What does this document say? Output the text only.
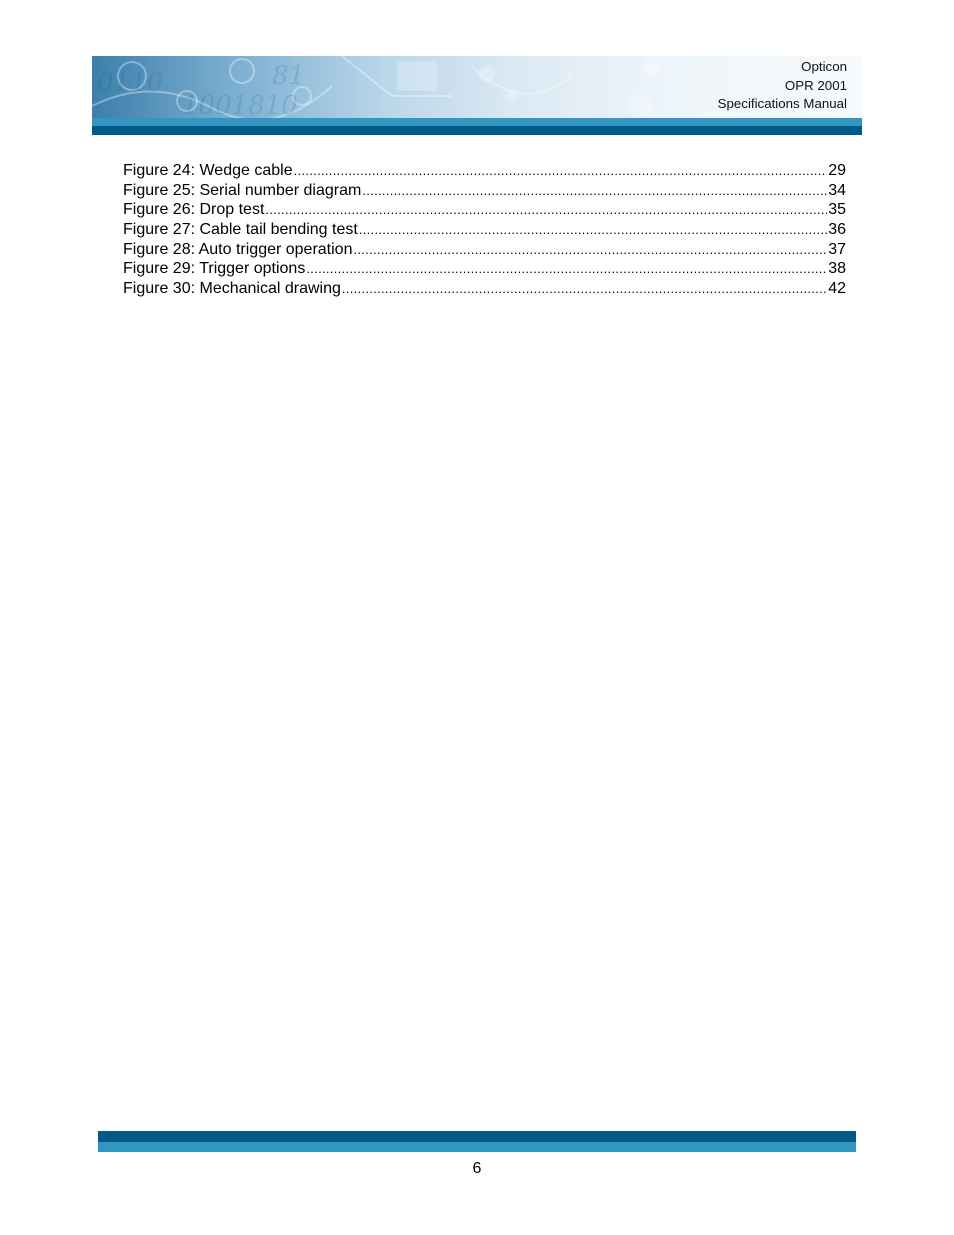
0110
1001810
81	Opticon
OPR 2001
Specifications Manual
Figure 24: Wedge cable .....	29
Figure 25: Serial number diagram .....	34
Figure 26: Drop test .....	35
Figure 27: Cable tail bending test .....	36
Figure 28: Auto trigger operation .....	37
Figure 29: Trigger options .....	38
Figure 30: Mechanical drawing .....	42
6
